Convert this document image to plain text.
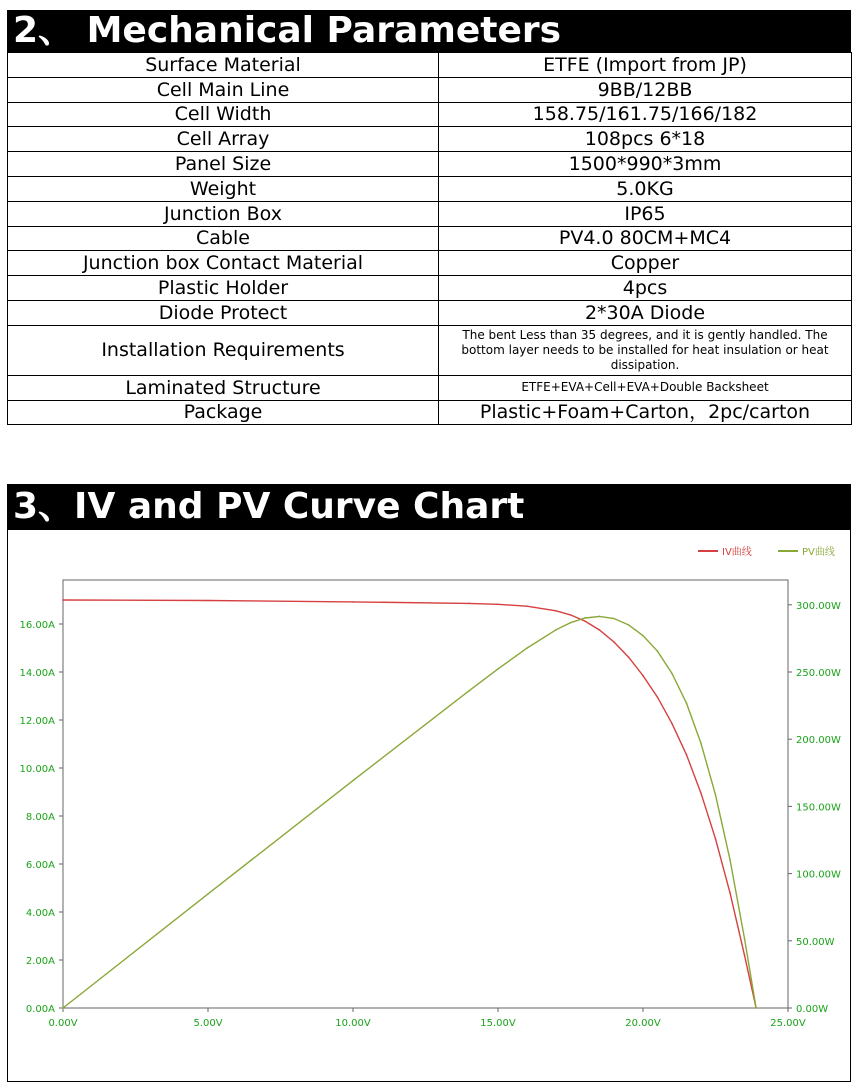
2、 Mechanical Parameters
Surface Material	ETFE (Import from JP)
Cell Main Line	9BB/12BB
Cell Width	158.75/161.75/166/182
Cell Array	108pcs 6*18
Panel Size	1500*990*3mm
Weight	5.0KG
Junction Box	IP65
Cable	PV4.0 80CM+MC4
Junction box Contact Material	Copper
Plastic Holder	4pcs
Diode Protect	2*30A Diode
Installation Requirements	The bent Less than 35 degrees, and it is gently handled. The bottom layer needs to be installed for heat insulation or heat dissipation.
Laminated Structure	ETFE+EVA+Cell+EVA+Double Backsheet
Package	Plastic+Foam+Carton，2pc/carton
3、IV and PV Curve Chart
0.00V	5.00V	10.00V	15.00V	20.00V	25.00V
0.00A
2.00A
4.00A
6.00A
8.00A
10.00A
12.00A
14.00A
16.00A
0.00W
50.00W
100.00W
150.00W
200.00W
250.00W
300.00W
IV曲线	PV曲线
